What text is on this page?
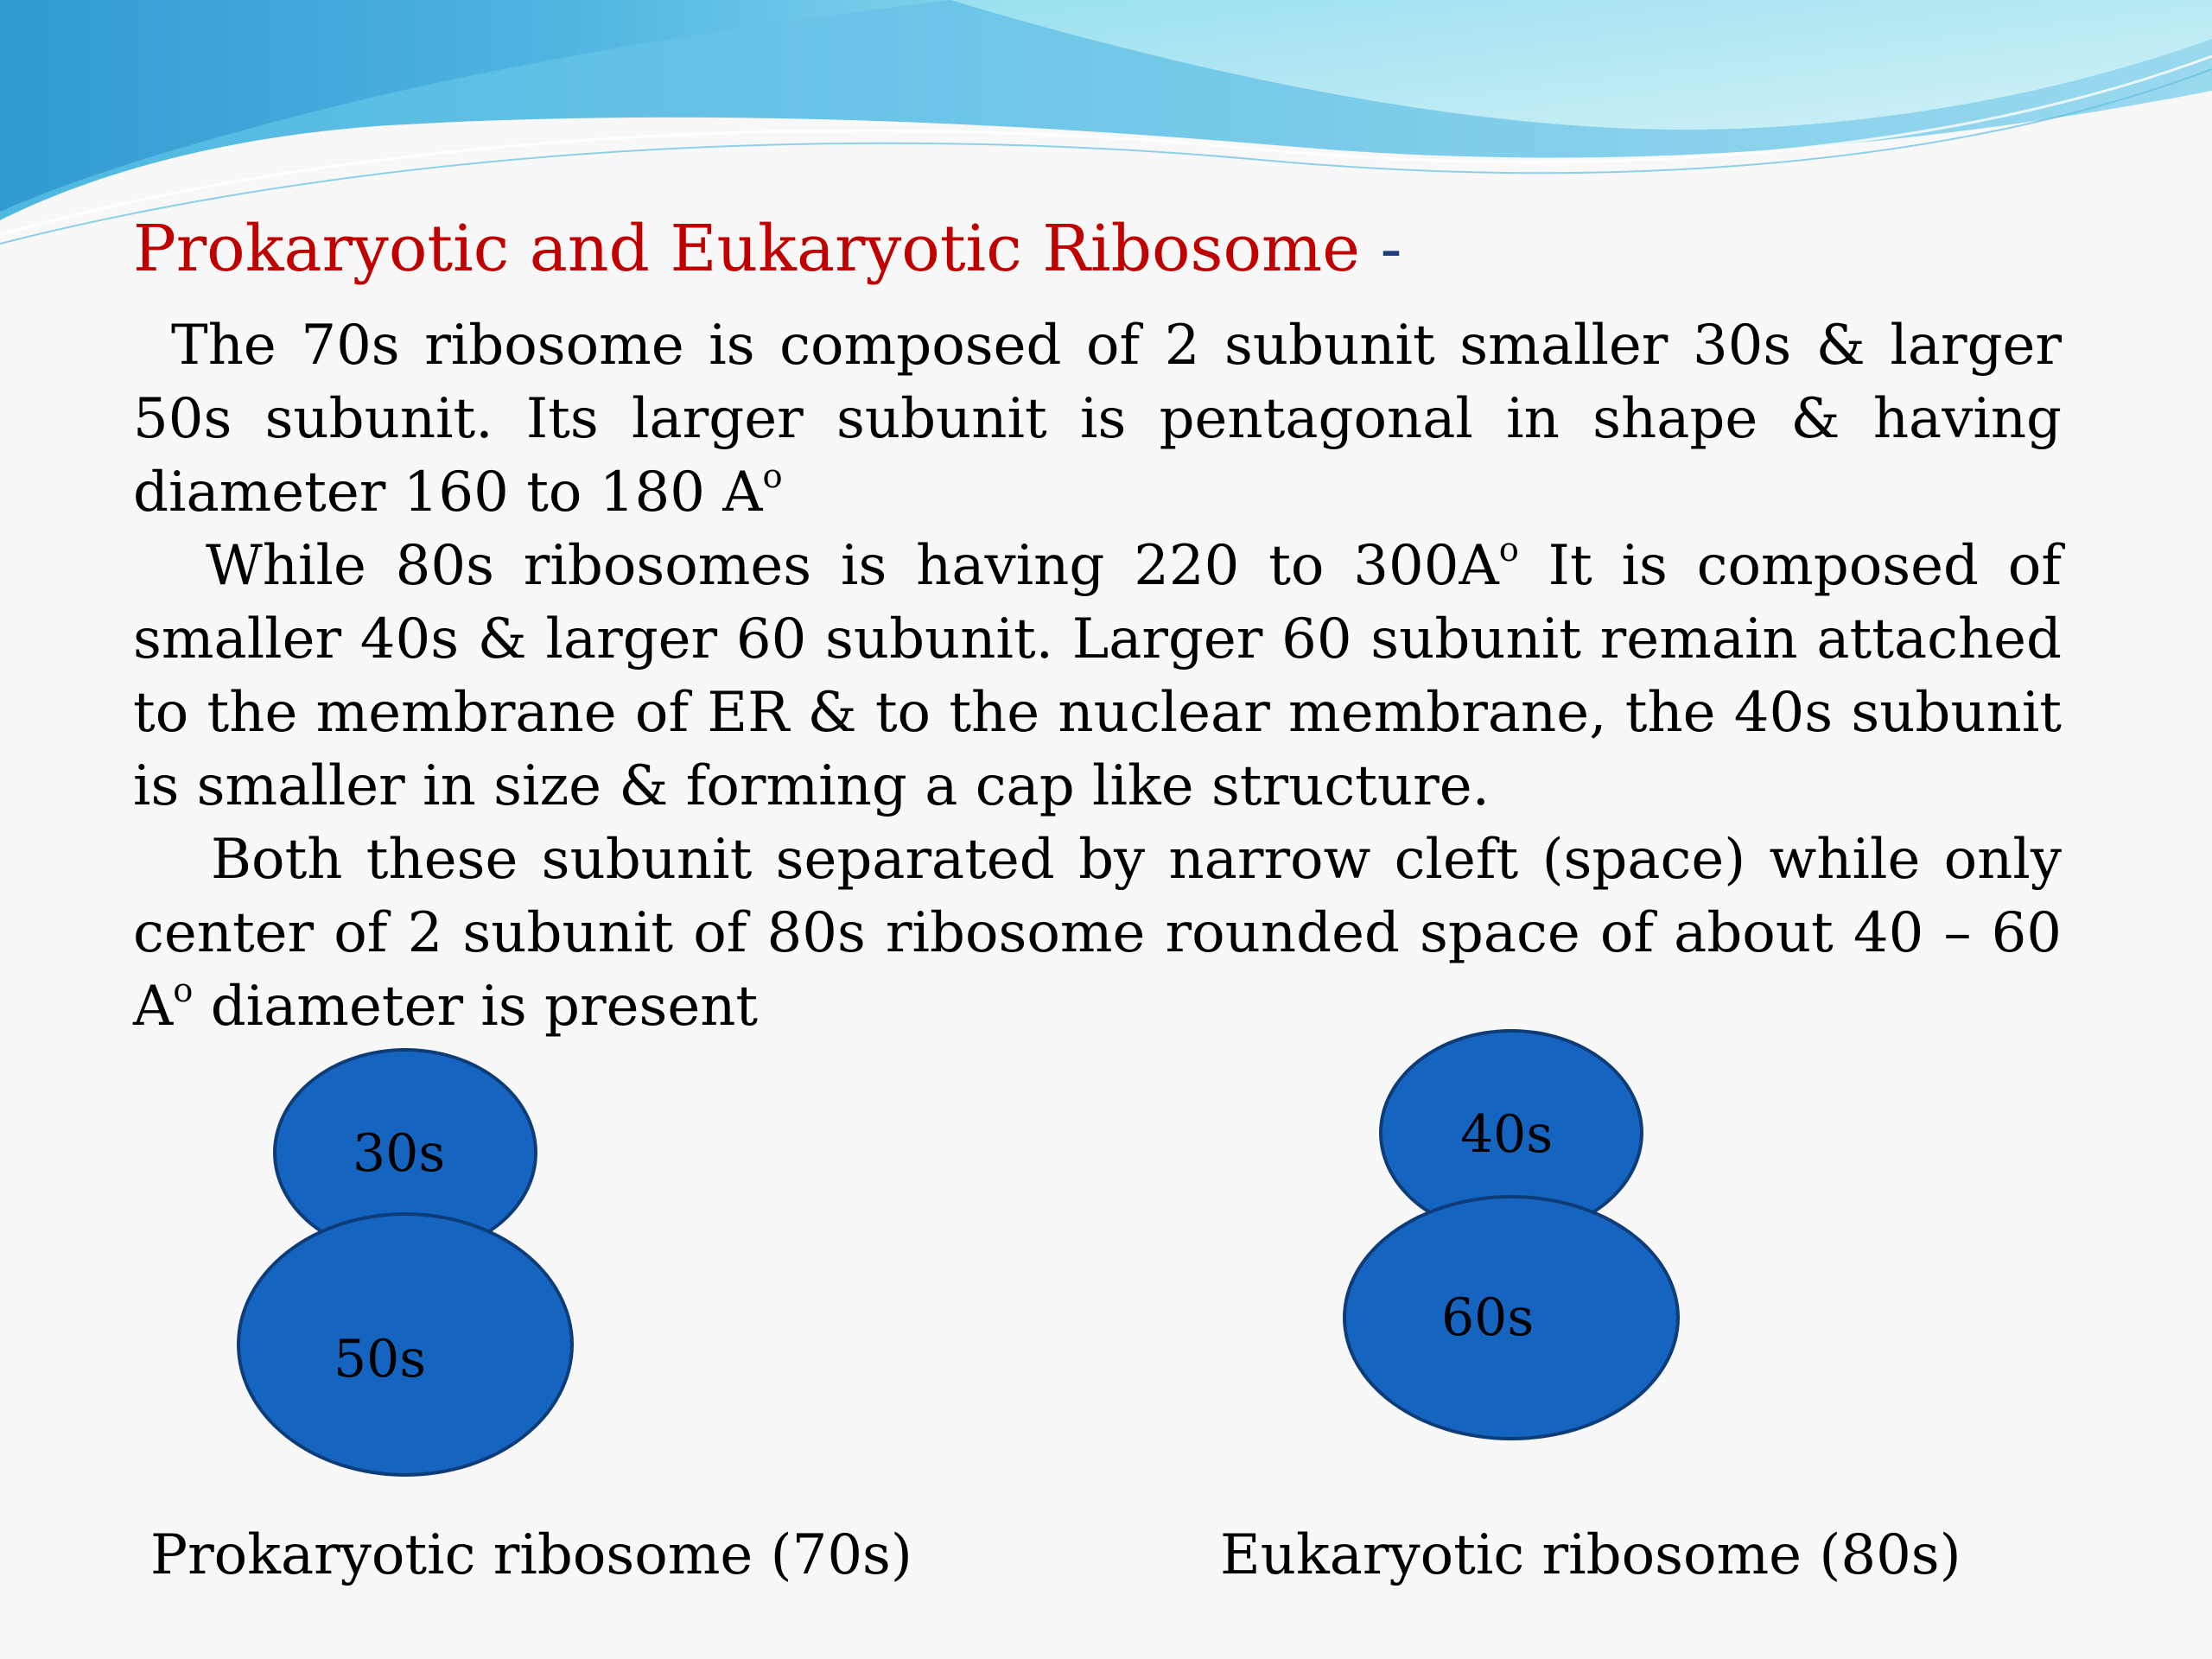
Prokaryotic and Eukaryotic Ribosome -

The 70s ribosome is composed of 2 subunit smaller 30s & larger 50s subunit. Its larger subunit is pentagonal in shape & having diameter 160 to 180 $A^o$

While 80s ribosomes is having 220 to $300A^o$ It is composed of smaller 40s & larger 60 subunit. Larger 60 subunit remain attached to the membrane of ER & to the nuclear membrane, the 40s subunit is smaller in size & forming a cap like structure.

Both these subunit separated by narrow cleft (space) while only center of 2 subunit of 80s ribosome rounded space of about 40 – 60 $A^o$ diameter is present

30s
50s
Prokaryotic ribosome (70s)
40s
60s
Eukaryotic ribosome (80s)
